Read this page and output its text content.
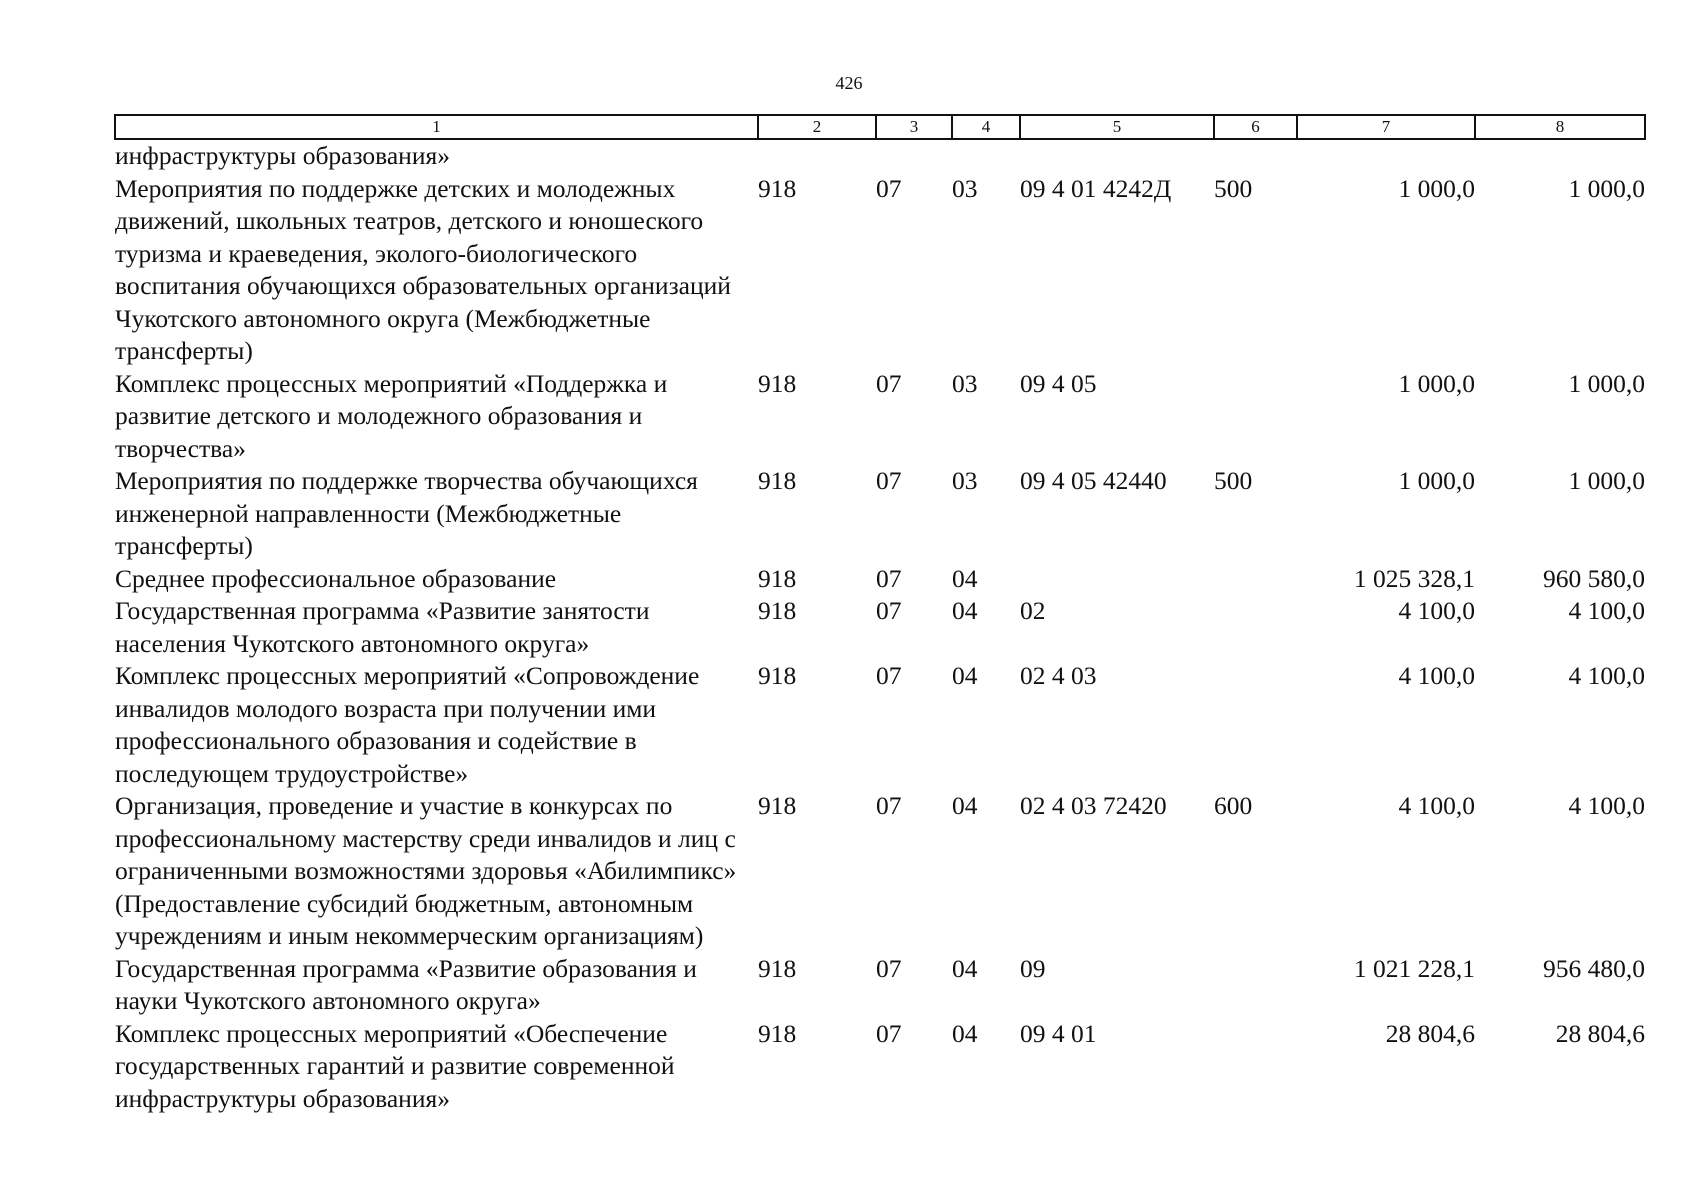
426
1	2	3	4	5	6	7	8
инфраструктуры образования»							
Мероприятия по поддержке детских и молодежных движений, школьных театров, детского и юношеского туризма и краеведения, эколого-биологического воспитания обучающихся образовательных организаций Чукотского автономного округа (Межбюджетные трансферты)	918	07	03	09 4 01 4242Д	500	1 000,0	1 000,0
Комплекс процессных мероприятий «Поддержка и развитие детского и молодежного образования и творчества»	918	07	03	09 4 05		1 000,0	1 000,0
Мероприятия по поддержке творчества обучающихся инженерной направленности (Межбюджетные трансферты)	918	07	03	09 4 05 42440	500	1 000,0	1 000,0
Среднее профессиональное образование	918	07	04			1 025 328,1	960 580,0
Государственная программа «Развитие занятости населения Чукотского автономного округа»	918	07	04	02		4 100,0	4 100,0
Комплекс процессных мероприятий «Сопровождение инвалидов молодого возраста при получении ими профессионального образования и содействие в последующем трудоустройстве»	918	07	04	02 4 03		4 100,0	4 100,0
Организация, проведение и участие в конкурсах по профессиональному мастерству среди инвалидов и лиц с ограниченными возможностями здоровья «Абилимпикс» (Предоставление субсидий бюджетным, автономным учреждениям и иным некоммерческим организациям)	918	07	04	02 4 03 72420	600	4 100,0	4 100,0
Государственная программа «Развитие образования и науки Чукотского автономного округа»	918	07	04	09		1 021 228,1	956 480,0
Комплекс процессных мероприятий «Обеспечение государственных гарантий и развитие современной инфраструктуры образования»	918	07	04	09 4 01		28 804,6	28 804,6
